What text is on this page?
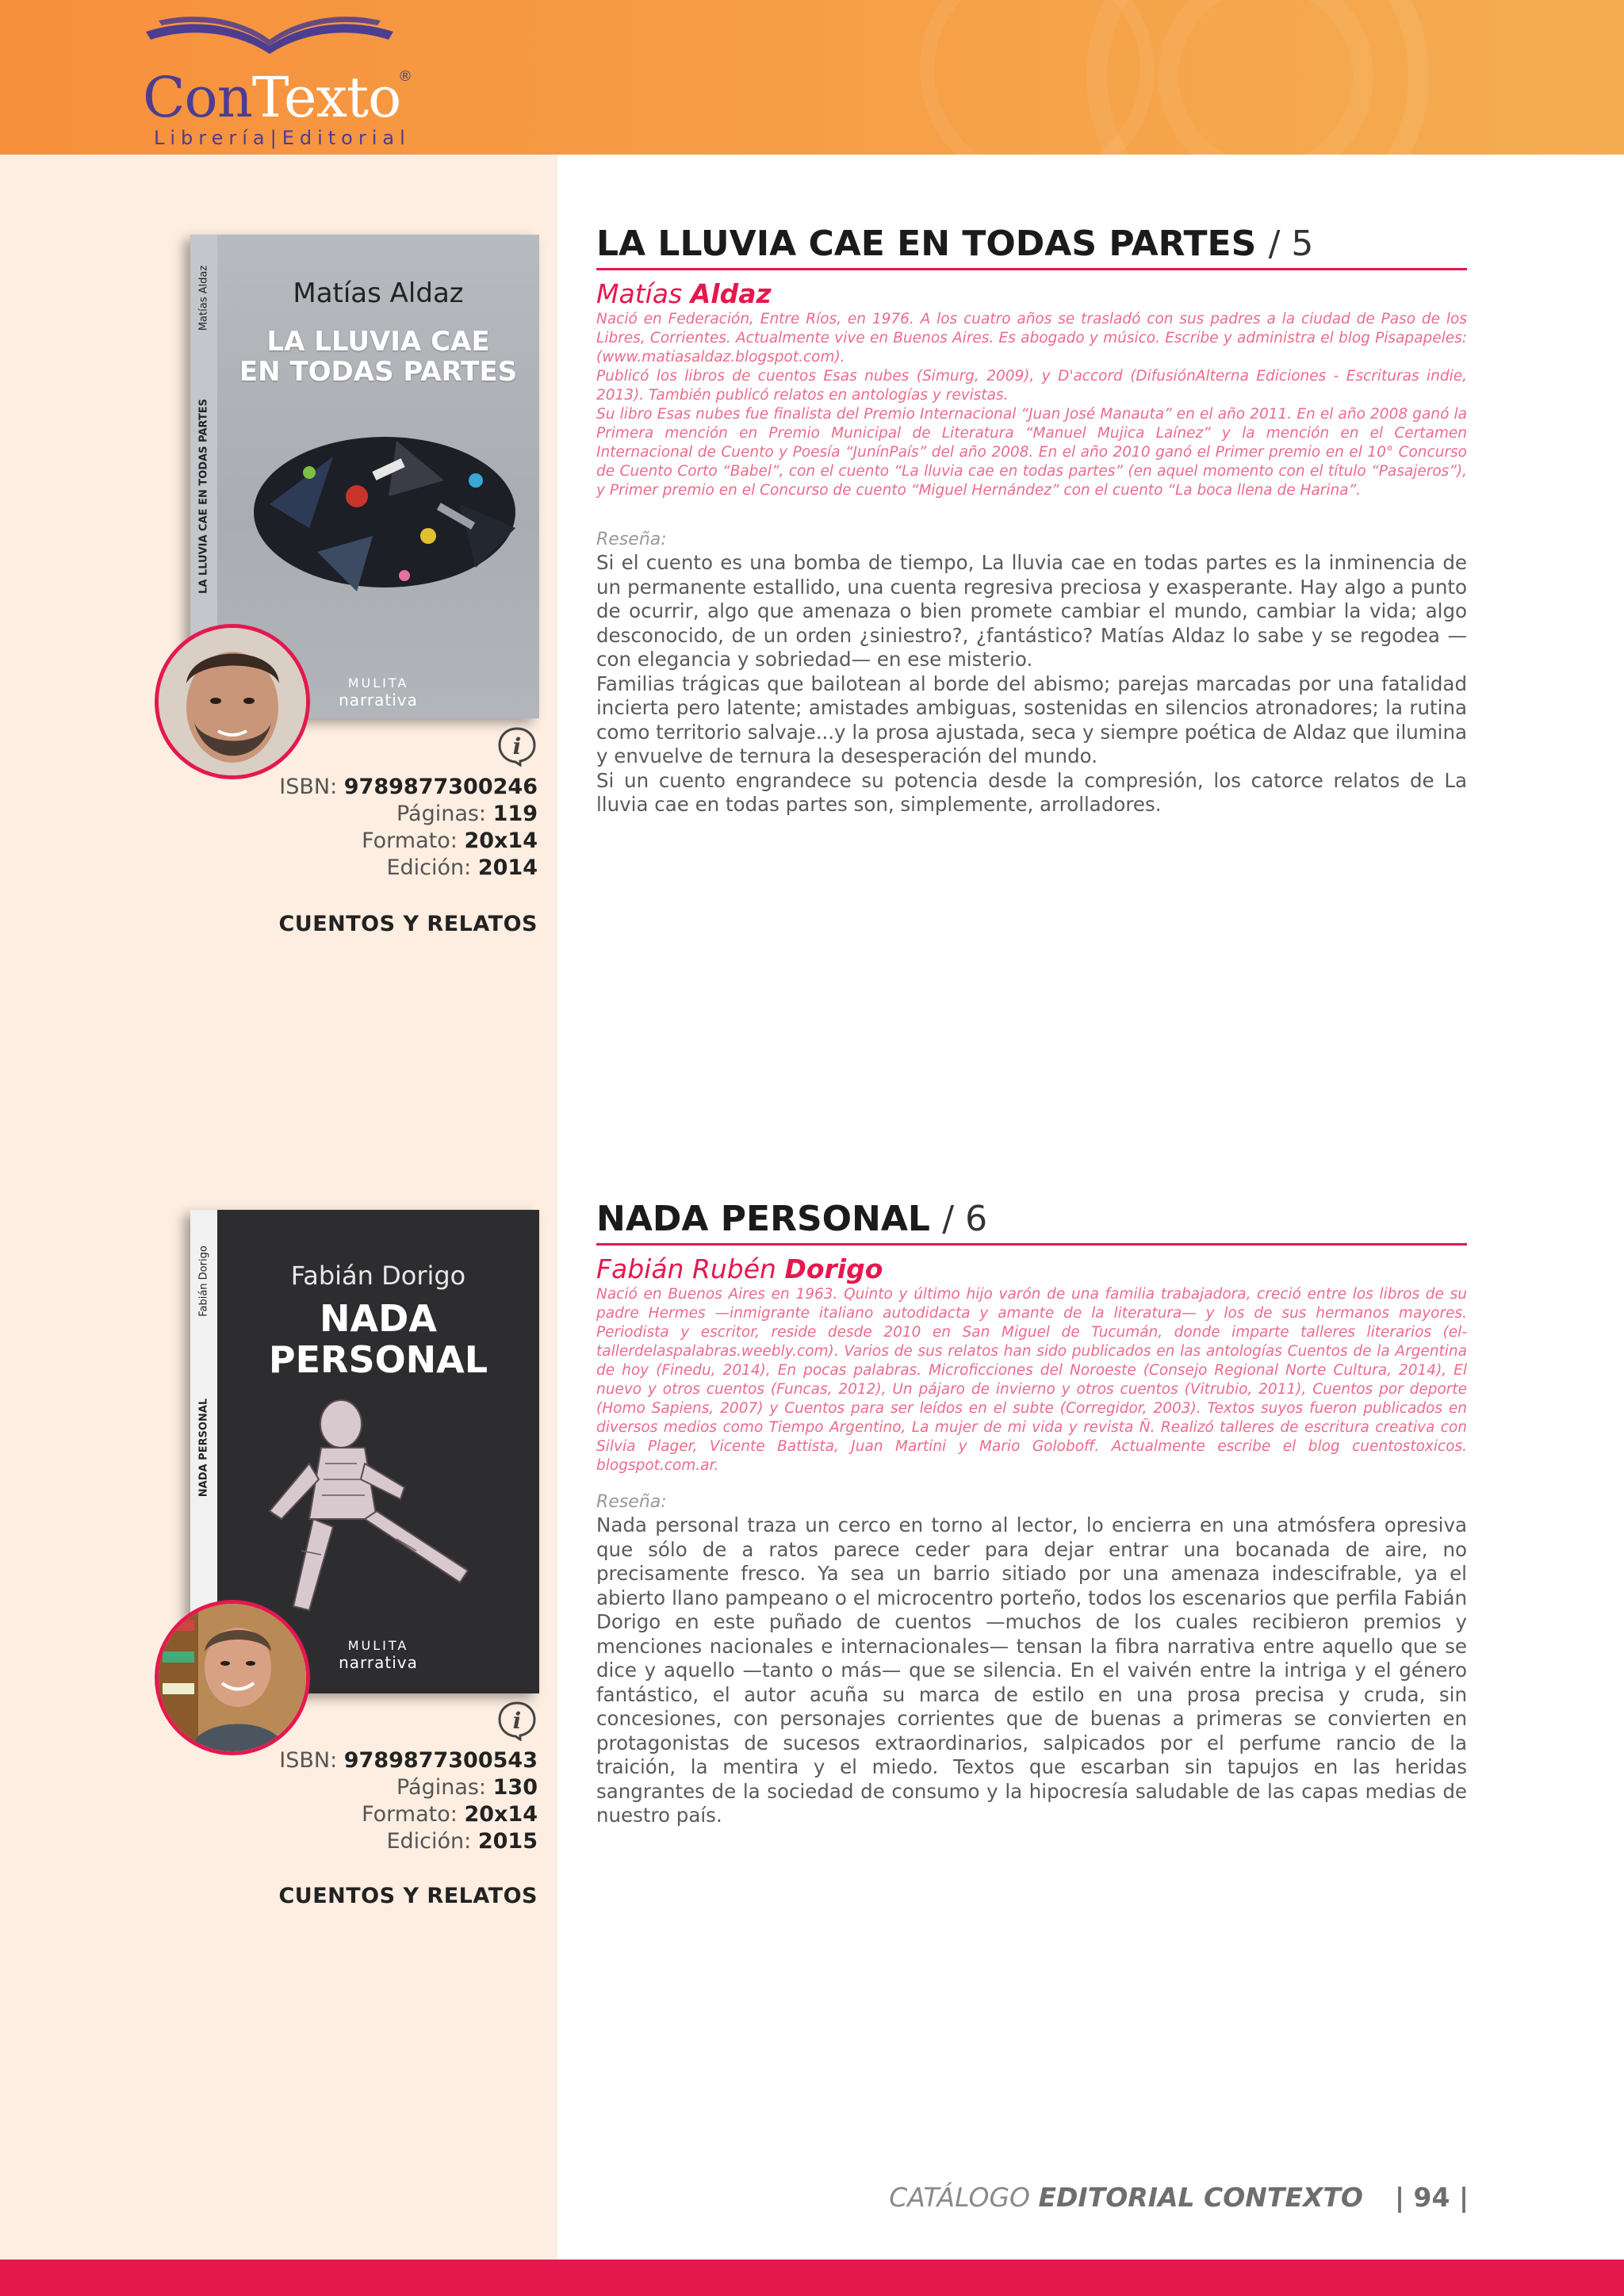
ConTexto
®
Librería|Editorial
Matías Aldaz
LA LLUVIA CAE EN TODAS PARTES
Matías Aldaz
LA LLUVIA CAE
EN TODAS PARTES
MULITA
narrativa
i
ISBN: 9789877300246
Páginas: 119
Formato: 20x14
Edición: 2014
CUENTOS Y RELATOS
LA LLUVIA CAE EN TODAS PARTES / 5
Matías Aldaz

Nació en Federación, Entre Ríos, en 1976. A los cuatro años se trasladó con sus padres a la ciudad de Paso de los Libres, Corrientes. Actualmente vive en Buenos Aires. Es abogado y músico. Escribe y administra el blog Pisapapeles: (www.matiasaldaz.blogspot.com).

Publicó los libros de cuentos Esas nubes (Simurg, 2009), y D'accord (DifusiónAlterna Ediciones - Escrituras indie, 2013). También publicó relatos en antologías y revistas.

Su libro Esas nubes fue finalista del Premio Internacional “Juan José Manauta” en el año 2011. En el año 2008 ganó la Primera mención en Premio Municipal de Literatura “Manuel Mujica Laínez” y la mención en el Certamen Internacional de Cuento y Poesía “JunínPaís” del año 2008. En el año 2010 ganó el Primer premio en el 10° Concurso de Cuento Corto “Babel”, con el cuento “La lluvia cae en todas partes” (en aquel momento con el título “Pasajeros”), y Primer premio en el Concurso de cuento “Miguel Hernández” con el cuento “La boca llena de Harina”.

Reseña:

Si el cuento es una bomba de tiempo, La lluvia cae en todas partes es la inminencia de un permanente estallido, una cuenta regresiva preciosa y exasperante. Hay algo a punto de ocurrir, algo que amenaza o bien promete cambiar el mundo, cambiar la vida; algo desconocido, de un orden ¿siniestro?, ¿fantástico? Matías Aldaz lo sabe y se regodea —con elegancia y sobriedad— en ese misterio.

Familias trágicas que bailotean al borde del abismo; parejas marcadas por una fatalidad incierta pero latente; amistades ambiguas, sostenidas en silencios atronadores; la rutina como territorio salvaje...y la prosa ajustada, seca y siempre poética de Aldaz que ilumina y envuelve de ternura la desesperación del mundo.

Si un cuento engrandece su potencia desde la compresión, los catorce relatos de La lluvia cae en todas partes son, simplemente, arrolladores.

Fabián Dorigo
NADA PERSONAL
Fabián Dorigo
NADA
PERSONAL
MULITA
narrativa
i
ISBN: 9789877300543
Páginas: 130
Formato: 20x14
Edición: 2015
CUENTOS Y RELATOS
NADA PERSONAL / 6
Fabián Rubén Dorigo

Nació en Buenos Aires en 1963. Quinto y último hijo varón de una familia trabajadora, creció entre los libros de su padre Hermes —inmigrante italiano autodidacta y amante de la literatura— y los de sus hermanos mayores. Periodista y escritor, reside desde 2010 en San Miguel de Tucumán, donde imparte talleres literarios (el- tallerdelaspalabras.weebly.com). Varios de sus relatos han sido publicados en las antologías Cuentos de la Argentina de hoy (Finedu, 2014), En pocas palabras. Microficciones del Noroeste (Consejo Regional Norte Cultura, 2014), El nuevo y otros cuentos (Funcas, 2012), Un pájaro de invierno y otros cuentos (Vitrubio, 2011), Cuentos por deporte (Homo Sapiens, 2007) y Cuentos para ser leídos en el subte (Corregidor, 2003). Textos suyos fueron publicados en diversos medios como Tiempo Argentino, La mujer de mi vida y revista Ñ. Realizó talleres de escritura creativa con Silvia Plager, Vicente Battista, Juan Martini y Mario Goloboff. Actualmente escribe el blog cuentostoxicos. blogspot.com.ar.

Reseña:

Nada personal traza un cerco en torno al lector, lo encierra en una atmósfera opresiva que sólo de a ratos parece ceder para dejar entrar una bocanada de aire, no precisamente fresco. Ya sea un barrio sitiado por una amenaza indescifrable, ya el abierto llano pampeano o el microcentro porteño, todos los escenarios que perfila Fabián Dorigo en este puñado de cuentos —muchos de los cuales recibieron premios y menciones nacionales e internacionales— tensan la fibra narrativa entre aquello que se dice y aquello —tanto o más— que se silencia. En el vaivén entre la intriga y el género fantástico, el autor acuña su marca de estilo en una prosa precisa y cruda, sin concesiones, con personajes corrientes que de buenas a primeras se convierten en protagonistas de sucesos extraordinarios, salpicados por el perfume rancio de la traición, la mentira y el miedo. Textos que escarban sin tapujos en las heridas sangrantes de la sociedad de consumo y la hipocresía saludable de las capas medias de nuestro país.

CATÁLOGO EDITORIAL CONTEXTO | 94 |
